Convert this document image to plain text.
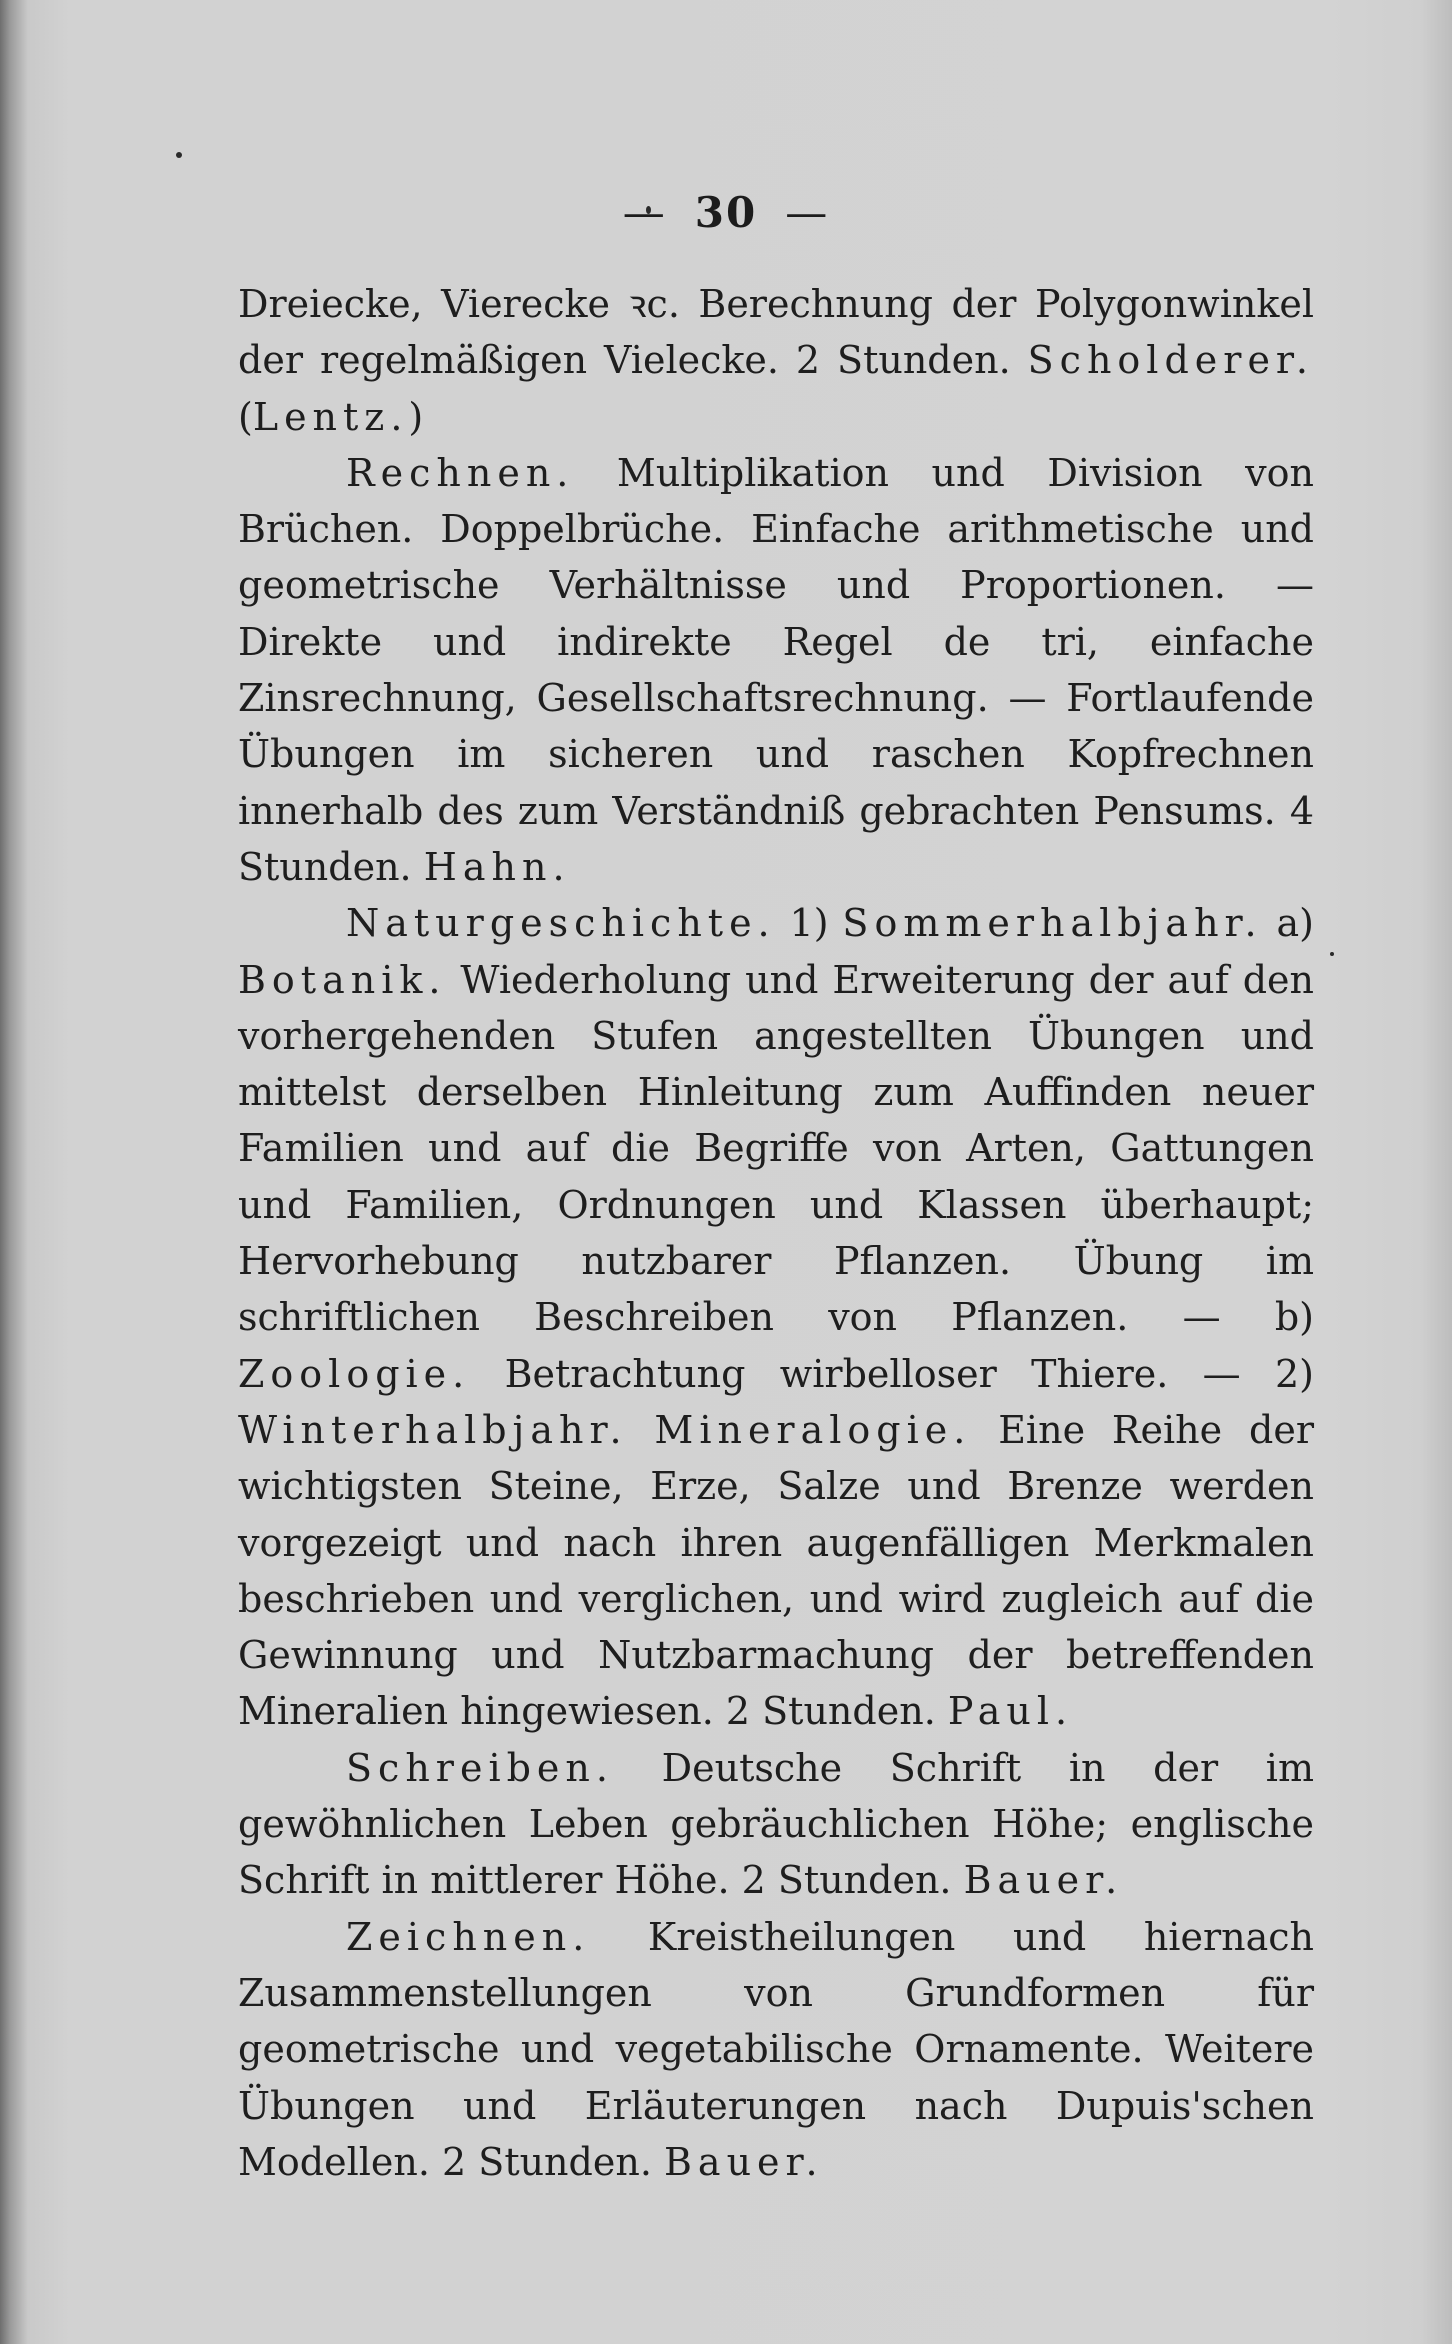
— 30 —

Dreiecke, Vierecke ꝛc. Berechnung der Polygonwinkel der regelmäßigen Vielecke. 2 Stunden. Scholderer. (Lentz.)

Rechnen. Multiplikation und Division von Brüchen. Doppelbrüche. Einfache arithmetische und geometrische Verhältnisse und Proportionen. — Direkte und indirekte Regel de tri, einfache Zinsrechnung, Gesellschaftsrechnung. — Fortlaufende Übungen im sicheren und raschen Kopfrechnen innerhalb des zum Verständniß gebrachten Pensums. 4 Stunden. Hahn.

Naturgeschichte. 1) Sommerhalbjahr. a) Botanik. Wiederholung und Erweiterung der auf den vorhergehenden Stufen angestellten Übungen und mittelst derselben Hinleitung zum Auffinden neuer Familien und auf die Begriffe von Arten, Gattungen und Familien, Ordnungen und Klassen überhaupt; Hervorhebung nutzbarer Pflanzen. Übung im schriftlichen Beschreiben von Pflanzen. — b) Zoologie. Betrachtung wirbelloser Thiere. — 2) Winterhalbjahr. Mineralogie. Eine Reihe der wichtigsten Steine, Erze, Salze und Brenze werden vorgezeigt und nach ihren augenfälligen Merkmalen beschrieben und verglichen, und wird zugleich auf die Gewinnung und Nutzbarmachung der betreffenden Mineralien hingewiesen. 2 Stunden. Paul.

Schreiben. Deutsche Schrift in der im gewöhnlichen Leben gebräuchlichen Höhe; englische Schrift in mittlerer Höhe. 2 Stunden. Bauer.

Zeichnen. Kreistheilungen und hiernach Zusammenstellungen von Grundformen für geometrische und vegetabilische Ornamente. Weitere Übungen und Erläuterungen nach Dupuis'schen Modellen. 2 Stunden. Bauer.
